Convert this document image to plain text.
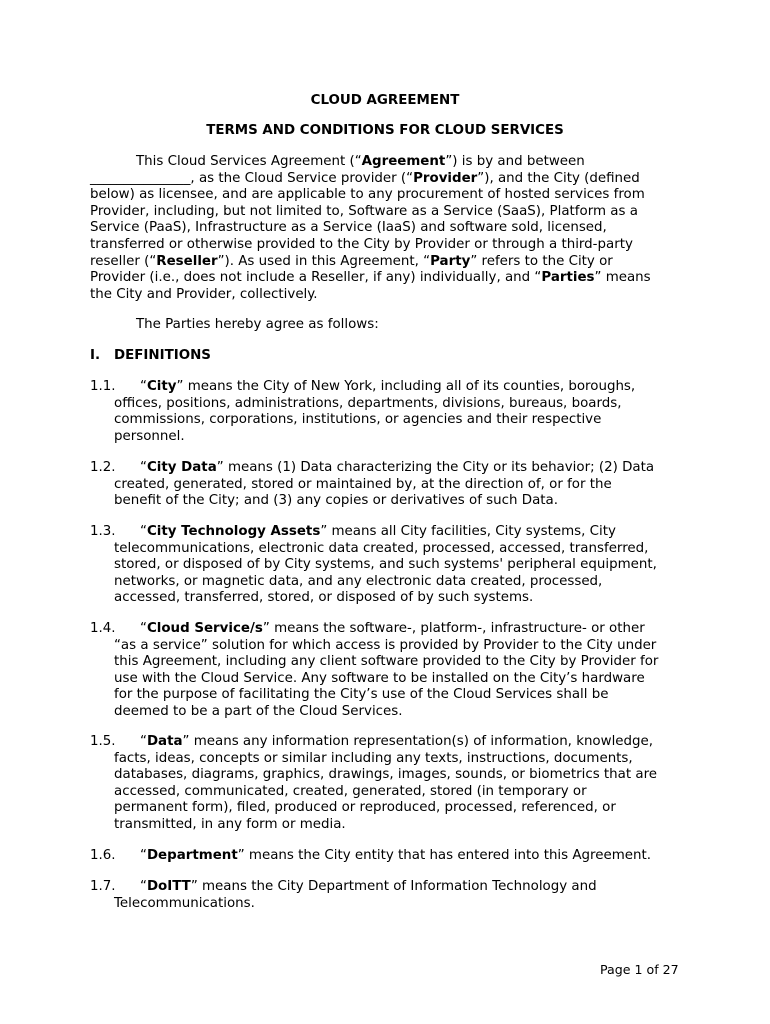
CLOUD AGREEMENT
TERMS AND CONDITIONS FOR CLOUD SERVICES
This Cloud Services Agreement (“Agreement”) is by and between
_______________, as the Cloud Service provider (“Provider”), and the City (defined
below) as licensee, and are applicable to any procurement of hosted services from
Provider, including, but not limited to, Software as a Service (SaaS), Platform as a
Service (PaaS), Infrastructure as a Service (IaaS) and software sold, licensed,
transferred or otherwise provided to the City by Provider or through a third-party
reseller (“Reseller”). As used in this Agreement, “Party” refers to the City or
Provider (i.e., does not include a Reseller, if any) individually, and “Parties” means
the City and Provider, collectively.
The Parties hereby agree as follows:
I. DEFINITIONS
1.1. “City” means the City of New York, including all of its counties, boroughs,
offices, positions, administrations, departments, divisions, bureaus, boards,
commissions, corporations, institutions, or agencies and their respective
personnel.
1.2. “City Data” means (1) Data characterizing the City or its behavior; (2) Data
created, generated, stored or maintained by, at the direction of, or for the
benefit of the City; and (3) any copies or derivatives of such Data.
1.3. “City Technology Assets” means all City facilities, City systems, City
telecommunications, electronic data created, processed, accessed, transferred,
stored, or disposed of by City systems, and such systems' peripheral equipment,
networks, or magnetic data, and any electronic data created, processed,
accessed, transferred, stored, or disposed of by such systems.
1.4. “Cloud Service/s” means the software-, platform-, infrastructure- or other
“as a service” solution for which access is provided by Provider to the City under
this Agreement, including any client software provided to the City by Provider for
use with the Cloud Service. Any software to be installed on the City’s hardware
for the purpose of facilitating the City’s use of the Cloud Services shall be
deemed to be a part of the Cloud Services.
1.5. “Data” means any information representation(s) of information, knowledge,
facts, ideas, concepts or similar including any texts, instructions, documents,
databases, diagrams, graphics, drawings, images, sounds, or biometrics that are
accessed, communicated, created, generated, stored (in temporary or
permanent form), filed, produced or reproduced, processed, referenced, or
transmitted, in any form or media.
1.6. “Department” means the City entity that has entered into this Agreement.
1.7. “DoITT” means the City Department of Information Technology and
Telecommunications.
Page 1 of 27
